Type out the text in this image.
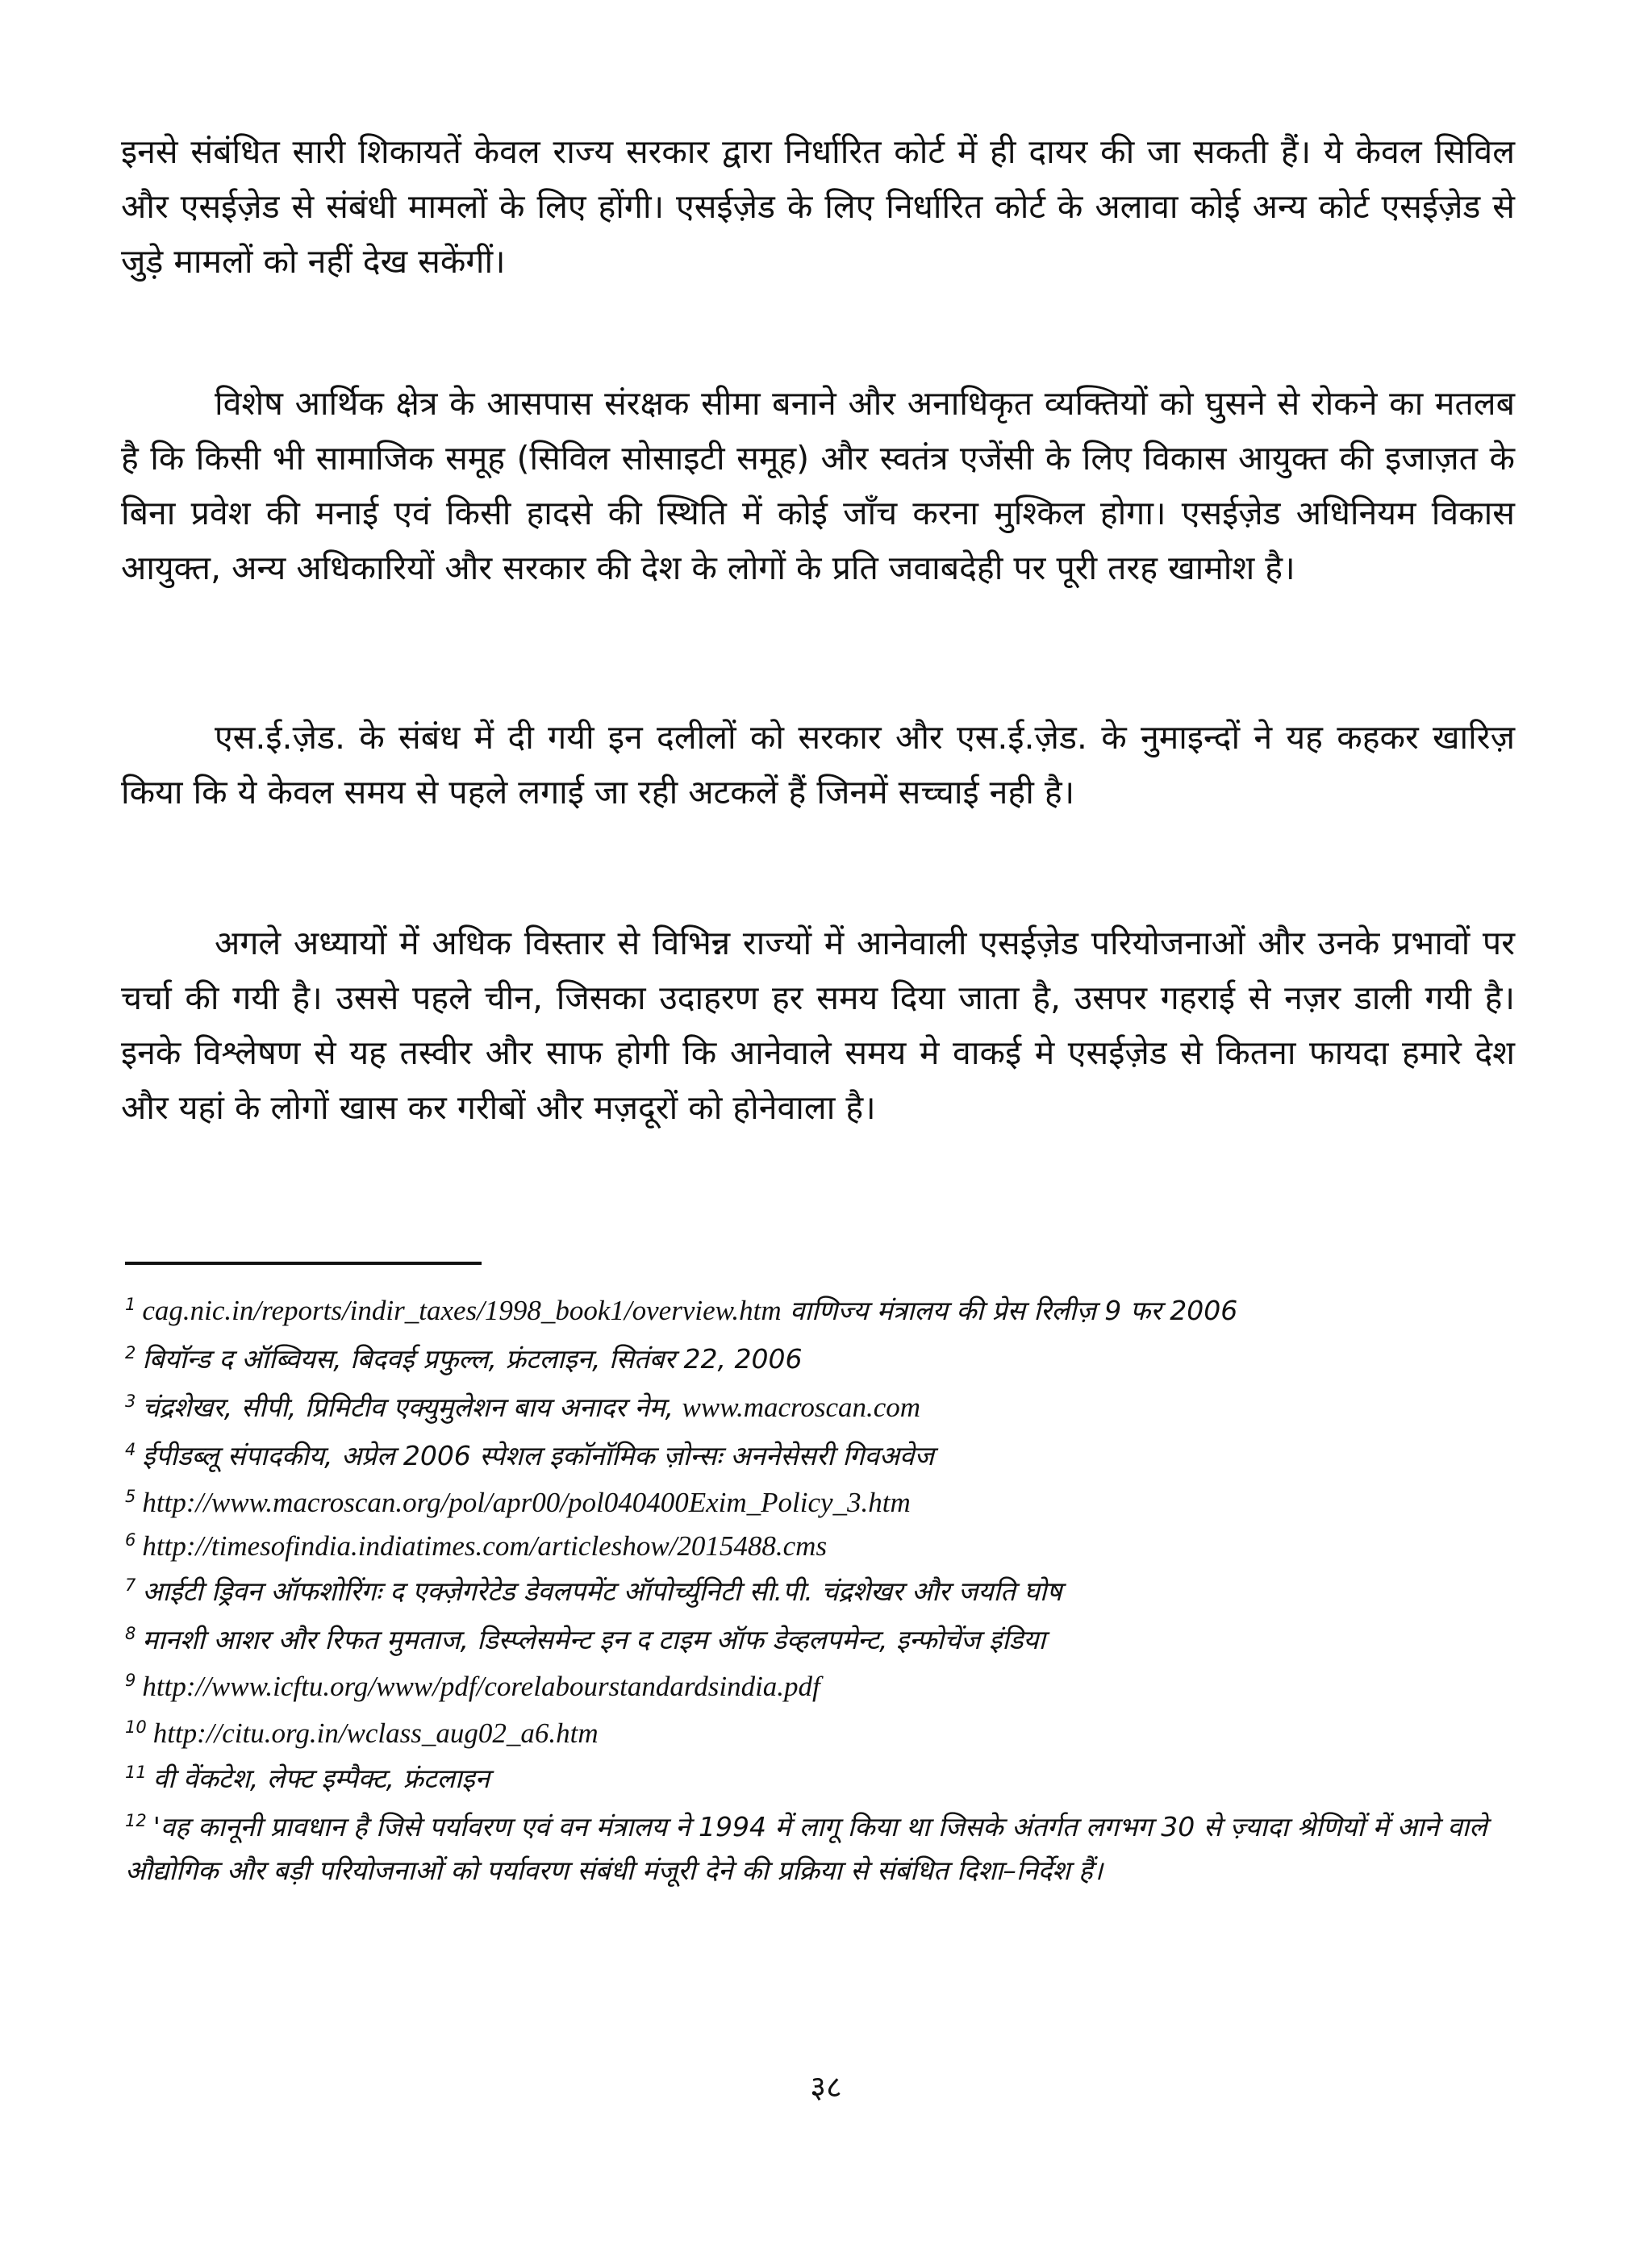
इनसे संबंधित सारी शिकायतें केवल राज्य सरकार द्वारा निर्धारित कोर्ट में ही दायर की जा सकती हैं। ये केवल सिविल और एसईज़ेड से संबंधी मामलों के लिए होंगी। एसईज़ेड के लिए निर्धारित कोर्ट के अलावा कोई अन्य कोर्ट एसईज़ेड से जुड़े मामलों को नहीं देख सकेंगीं।

विशेष आर्थिक क्षेत्र के आसपास संरक्षक सीमा बनाने और अनाधिकृत व्यक्तियों को घुसने से रोकने का मतलब है कि किसी भी सामाजिक समूह (सिविल सोसाइटी समूह) और स्वतंत्र एजेंसी के लिए विकास आयुक्त की इजाज़त के बिना प्रवेश की मनाई एवं किसी हादसे की स्थिति में कोई जाँच करना मुश्किल होगा। एसईज़ेड अधिनियम विकास आयुक्त, अन्य अधिकारियों और सरकार की देश के लोगों के प्रति जवाबदेही पर पूरी तरह खामोश है।

एस.ई.ज़ेड. के संबंध में दी गयी इन दलीलों को सरकार और एस.ई.ज़ेड. के नुमाइन्दों ने यह कहकर खारिज़ किया कि ये केवल समय से पहले लगाई जा रही अटकलें हैं जिनमें सच्चाई नही है।

अगले अध्यायों में अधिक विस्तार से विभिन्न राज्यों में आनेवाली एसईज़ेड परियोजनाओं और उनके प्रभावों पर चर्चा की गयी है। उससे पहले चीन, जिसका उदाहरण हर समय दिया जाता है, उसपर गहराई से नज़र डाली गयी है। इनके विश्लेषण से यह तस्वीर और साफ होगी कि आनेवाले समय मे वाकई मे एसईज़ेड से कितना फायदा हमारे देश और यहां के लोगों खास कर गरीबों और मज़दूरों को होनेवाला है।

$^1$ cag.nic.in/reports/indir_taxes/1998_book1/overview.htm वाणिज्य मंत्रालय की प्रेस रिलीज़ 9 फर 2006

$^2$ बियॉन्ड द ऑब्वियस, बिदवई प्रफुल्ल, फ्रंटलाइन, सितंबर 22, 2006

$^3$ चंद्रशेखर, सीपी, प्रिमिटीव एक्युमुलेशन बाय अनादर नेम, www.macroscan.com

$^4$ ईपीडब्लू संपादकीय, अप्रेल 2006 स्पेशल इकॉनॉमिक ज़ोन्सः अननेसेसरी गिवअवेज

$^5$ http://www.macroscan.org/pol/apr00/pol040400Exim_Policy_3.htm

$^6$ http://timesofindia.indiatimes.com/articleshow/2015488.cms

$^7$ आईटी ड्रिवन ऑफशोरिंगः द एक्ज़ेगरेटेड डेवलपमेंट ऑपोर्च्युनिटी सी.पी. चंद्रशेखर और जयति घोष

$^8$ मानशी आशर और रिफत मुमताज, डिस्प्लेसमेन्ट इन द टाइम ऑफ डेव्हलपमेन्ट, इन्फोचेंज इंडिया

$^9$ http://www.icftu.org/www/pdf/corelabourstandardsindia.pdf

$^{10}$ http://citu.org.in/wclass_aug02_a6.htm

$^{11}$ वी वेंकटेश, लेफ्ट इम्पैक्ट, फ्रंटलाइन

$^{12}$ 'वह कानूनी प्रावधान है जिसे पर्यावरण एवं वन मंत्रालय ने 1994 में लागू किया था जिसके अंतर्गत लगभग 30 से ज़्यादा श्रेणियों में आने वाले औद्योगिक और बड़ी परियोजनाओं को पर्यावरण संबंधी मंजूरी देने की प्रक्रिया से संबंधित दिशा–निर्देश हैं।

३८
